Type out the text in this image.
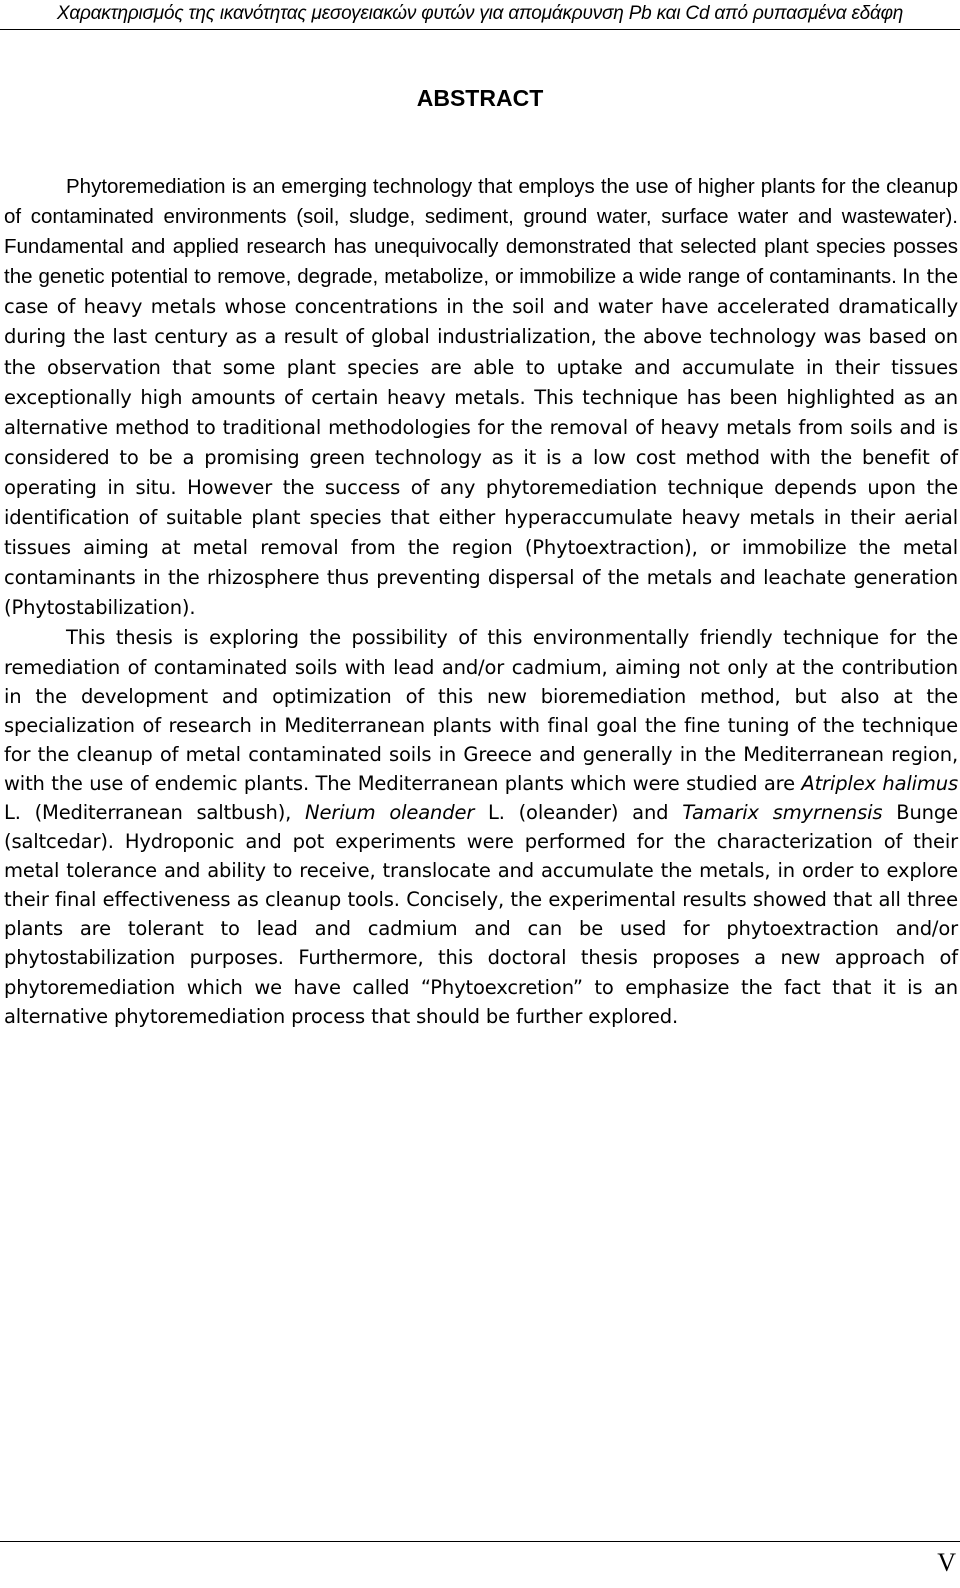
Χαρακτηρισμός της ικανότητας μεσογειακών φυτών για απομάκρυνση Pb και Cd από ρυπασμένα εδάφη
ABSTRACT

Phytoremediation is an emerging technology that employs the use of higher plants for the cleanup of contaminated environments (soil, sludge, sediment, ground water, surface water and wastewater). Fundamental and applied research has unequivocally demonstrated that selected plant species posses the genetic potential to remove, degrade, metabolize, or immobilize a wide range of contaminants. In the case of heavy metals whose concentrations in the soil and water have accelerated dramatically during the last century as a result of global industrialization, the above technology was based on the observation that some plant species are able to uptake and accumulate in their tissues exceptionally high amounts of certain heavy metals. This technique has been highlighted as an alternative method to traditional methodologies for the removal of heavy metals from soils and is considered to be a promising green technology as it is a low cost method with the benefit of operating in situ. However the success of any phytoremediation technique depends upon the identification of suitable plant species that either hyperaccumulate heavy metals in their aerial tissues aiming at metal removal from the region (Phytoextraction), or immobilize the metal contaminants in the rhizosphere thus preventing dispersal of the metals and leachate generation (Phytostabilization).

This thesis is exploring the possibility of this environmentally friendly technique for the remediation of contaminated soils with lead and/or cadmium, aiming not only at the contribution in the development and optimization of this new bioremediation method, but also at the specialization of research in Mediterranean plants with final goal the fine tuning of the technique for the cleanup of metal contaminated soils in Greece and generally in the Mediterranean region, with the use of endemic plants. The Mediterranean plants which were studied are Atriplex halimus L. (Mediterranean saltbush), Nerium oleander L. (oleander) and Tamarix smyrnensis Bunge (saltcedar). Hydroponic and pot experiments were performed for the characterization of their metal tolerance and ability to receive, translocate and accumulate the metals, in order to explore their final effectiveness as cleanup tools. Concisely, the experimental results showed that all three plants are tolerant to lead and cadmium and can be used for phytoextraction and/or phytostabilization purposes. Furthermore, this doctoral thesis proposes a new approach of phytoremediation which we have called “Phytoexcretion” to emphasize the fact that it is an alternative phytoremediation process that should be further explored.

V
